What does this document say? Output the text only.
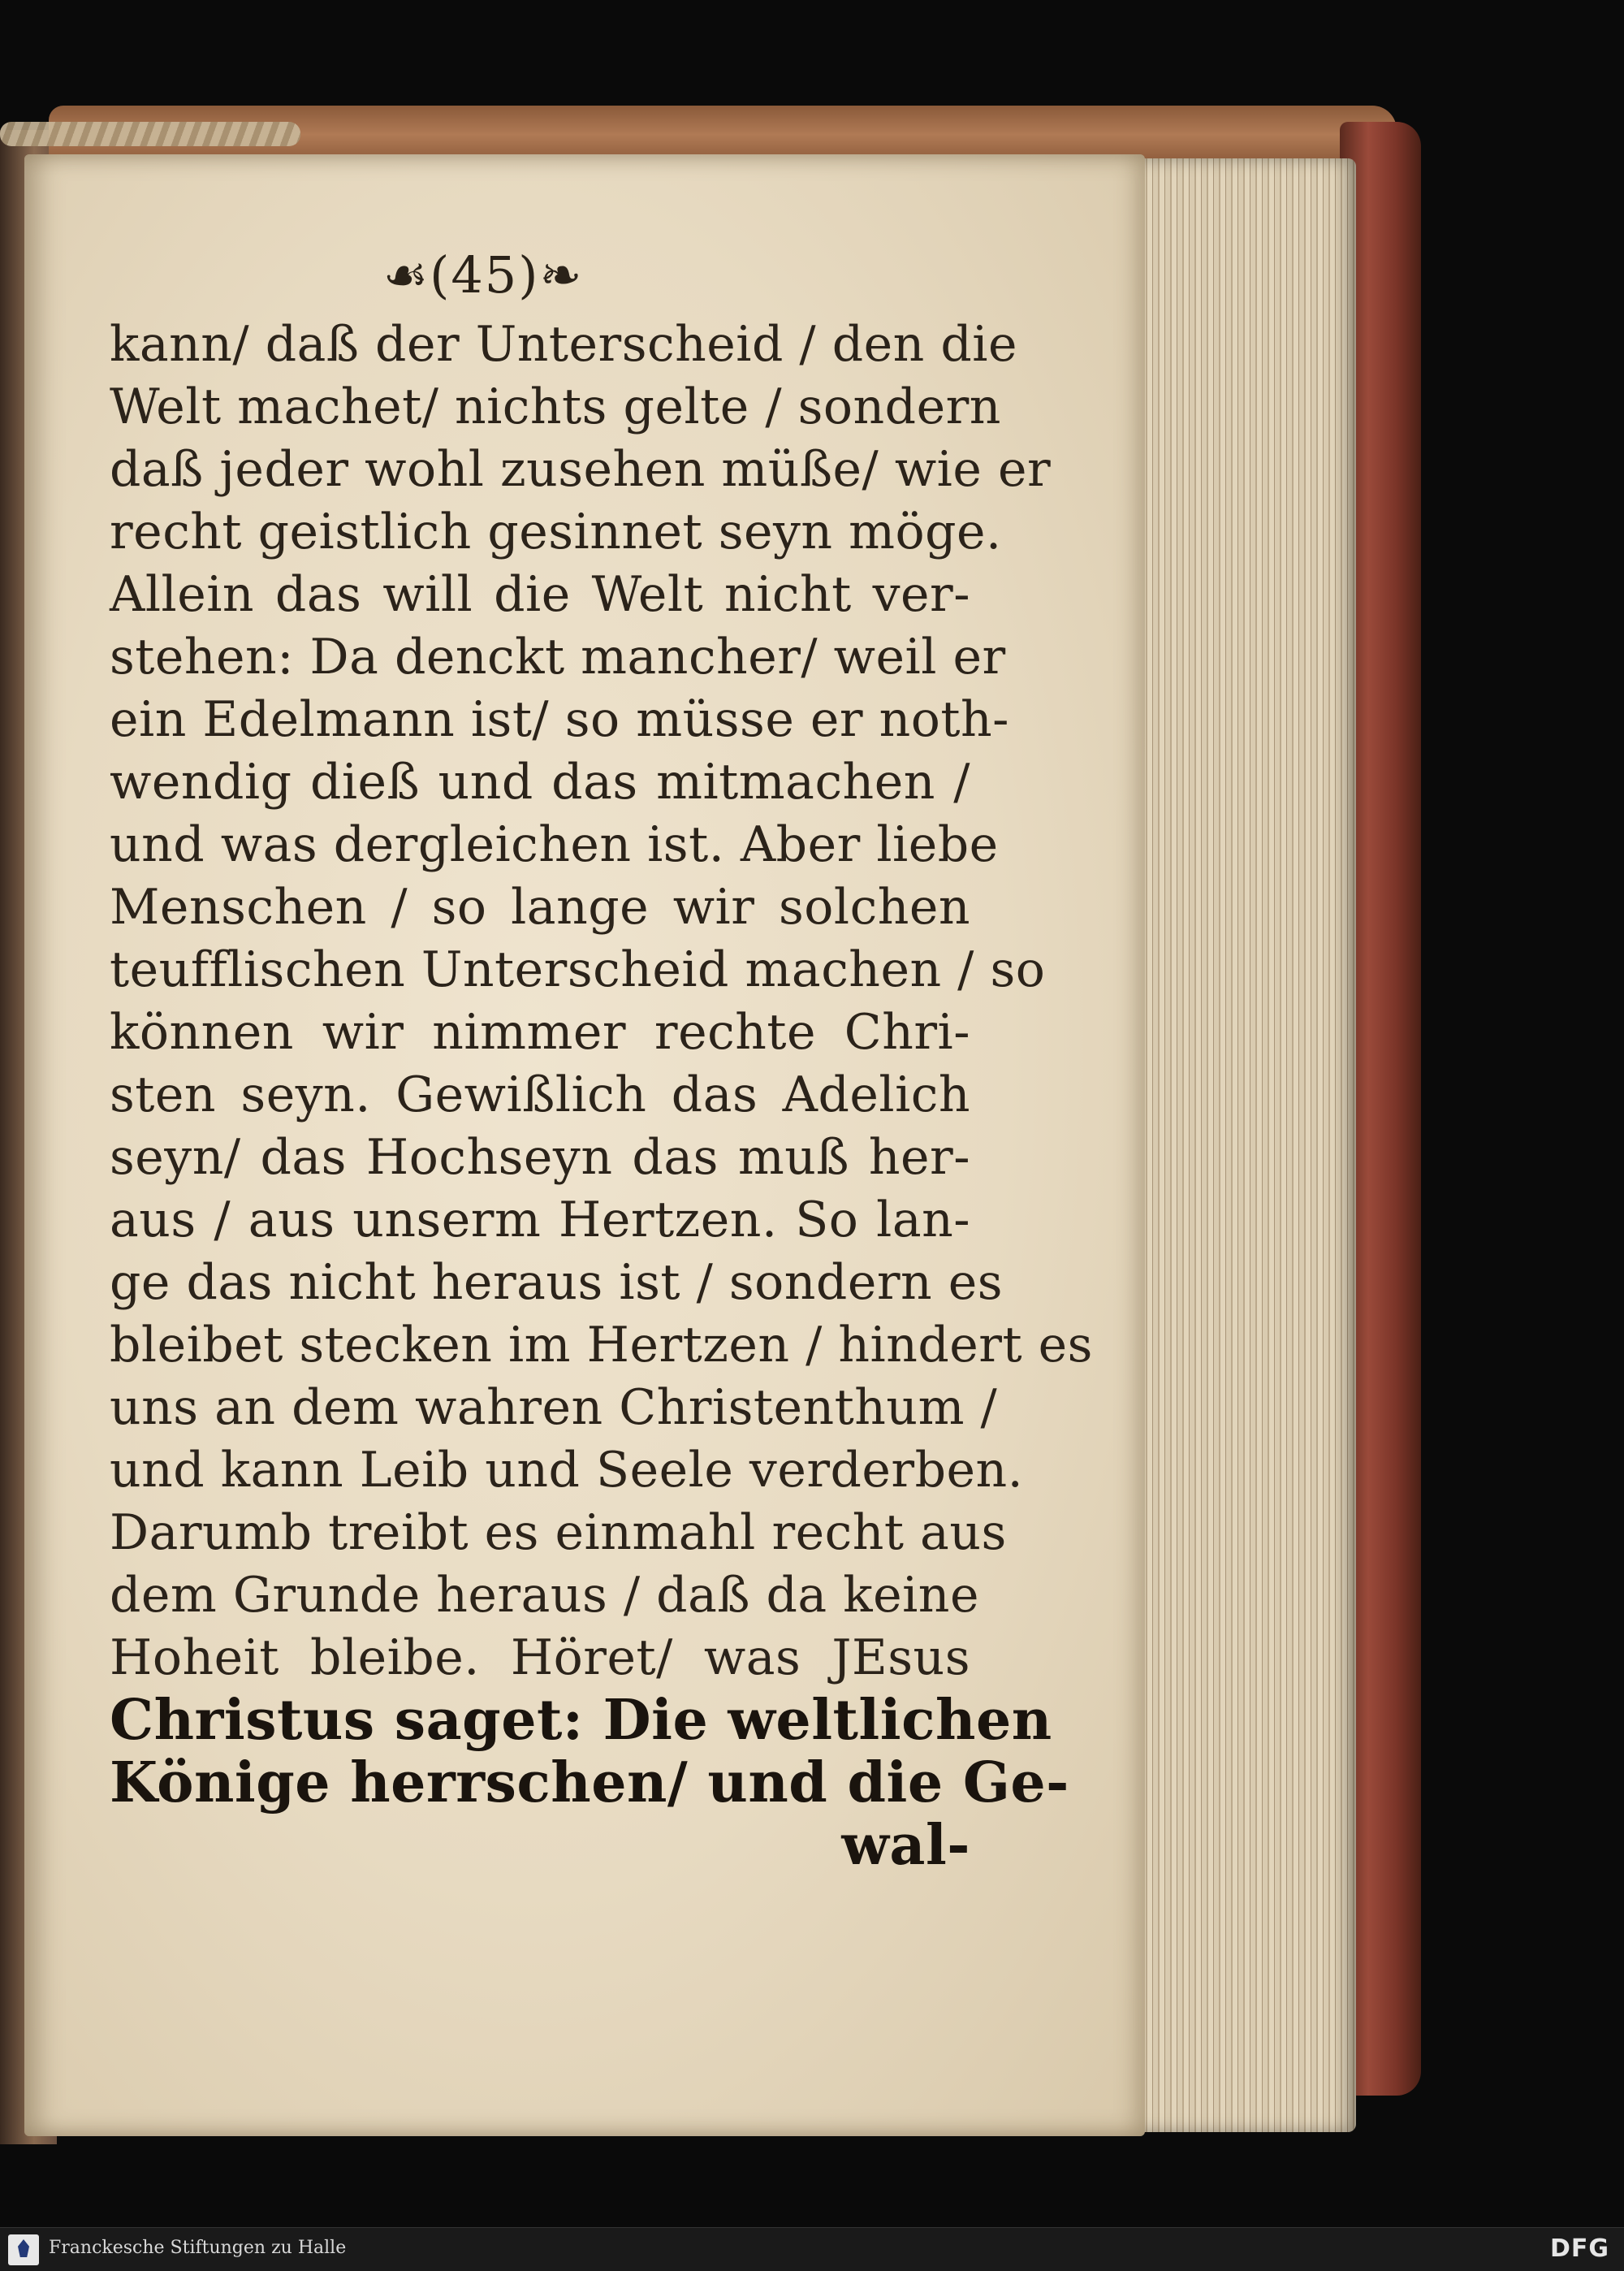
☙(45)❧
kann/ daß der Unterscheid / den die
Welt machet/ nichts gelte / sondern
daß jeder wohl zusehen müße/ wie er
recht geistlich gesinnet seyn möge.
Allein das will die Welt nicht ver-
stehen: Da denckt mancher/ weil er
ein Edelmann ist/ so müsse er noth-
wendig dieß und das mitmachen /
und was dergleichen ist. Aber liebe
Menschen / so lange wir solchen
teufflischen Unterscheid machen / so
können wir nimmer rechte Chri-
sten seyn. Gewißlich das Adelich
seyn/ das Hochseyn das muß her-
aus / aus unserm Hertzen. So lan-
ge das nicht heraus ist / sondern es
bleibet stecken im Hertzen / hindert es
uns an dem wahren Christenthum /
und kann Leib und Seele verderben.
Darumb treibt es einmahl recht aus
dem Grunde heraus / daß da keine
Hoheit bleibe. Höret/ was JEsus
Christus saget: Die weltlichen
Könige herrschen/ und die Ge-
wal-
Franckesche Stiftungen zu Halle	DFG
